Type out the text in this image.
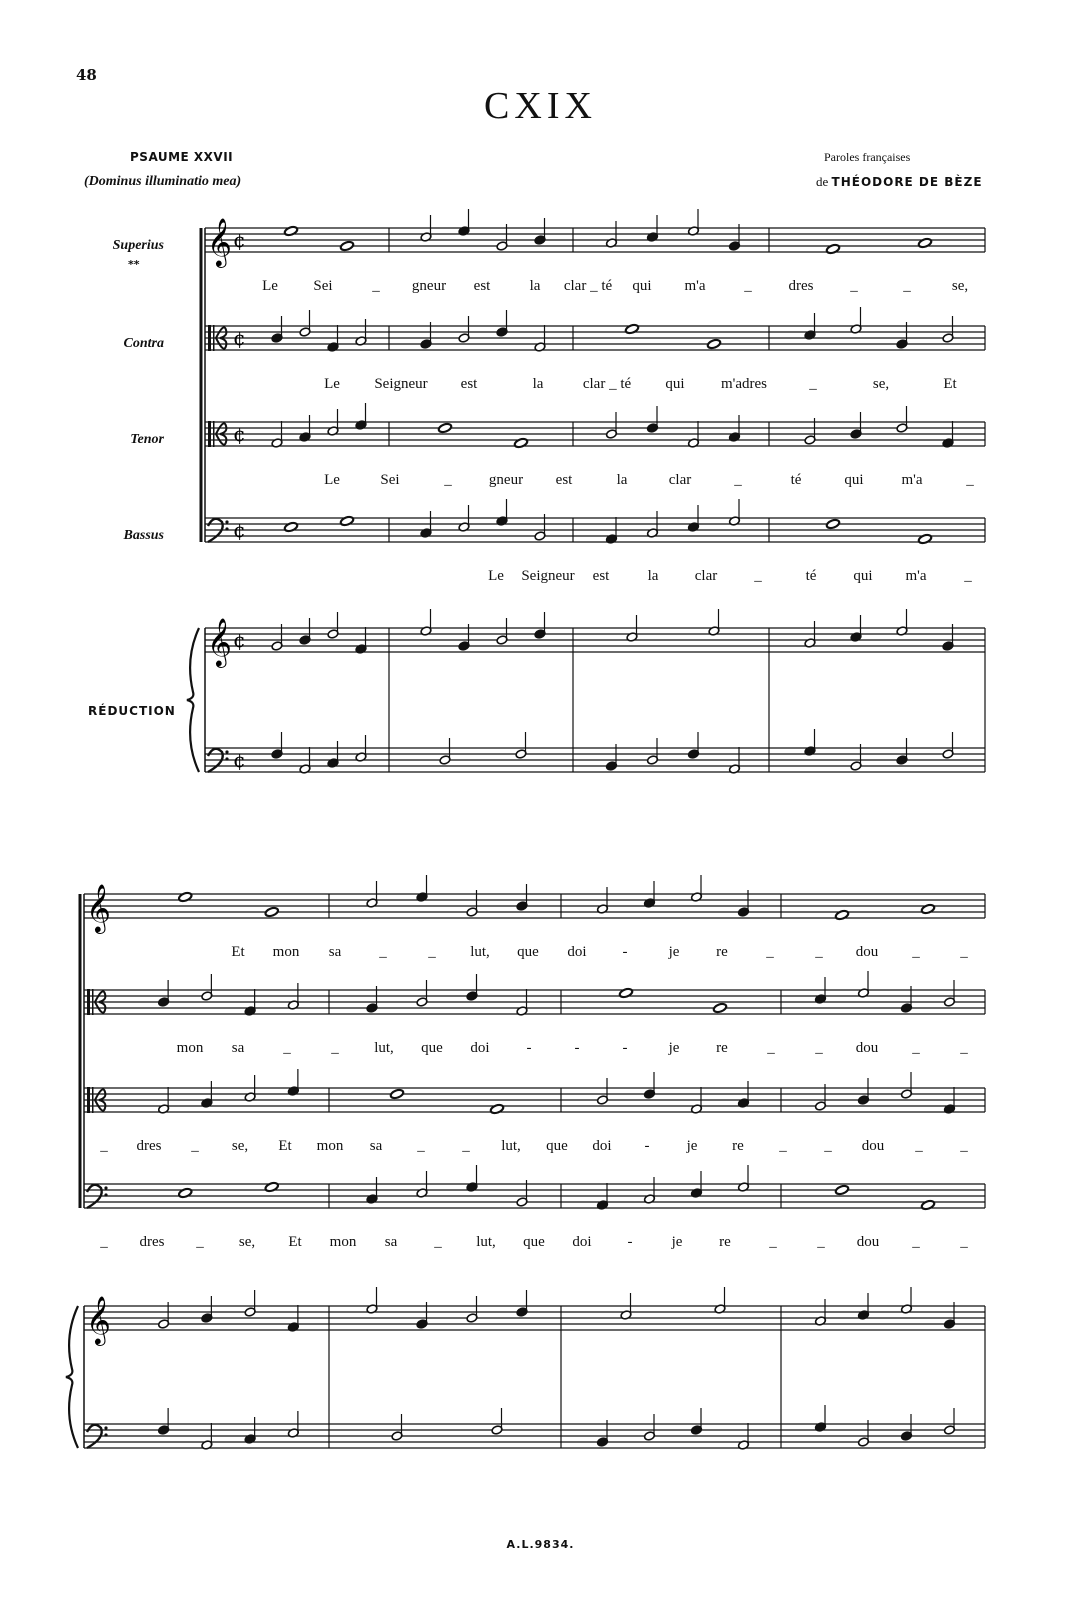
48
CXIX
PSAUME XXVII
(Dominus illuminatio mea)
Paroles françaises
de THÉODORE DE BÈZE
Superius
**
Contra
Tenor
Bassus
RÉDUCTION
A.L.9834.
𝄞 ¢
¢
¢
¢
𝄞 ¢
¢
𝄞
𝄞
Le Sei	_ gneur est	la clar _ té qui m'a	_ dres _	_	se,
Le Seigneur est	la	clar _ té qui m'adres	_	se,	Et
Le	Sei	_ gneur est	la	clar	_	té	qui	m'a	_
Le Seigneur est	la clar _	té qui m'a	_
Et mon sa	_	_ lut, que doi -	je re	_	_ dou _	_
mon sa	_	_ lut, que doi -	-	-	je re	_	_ dou _	_
_ dres _ se, Et mon sa _	_ lut, que doi - je re _	_ dou _	_
_ dres _ se, Et mon sa _ lut, que doi -	je re	_	_ dou _	_
